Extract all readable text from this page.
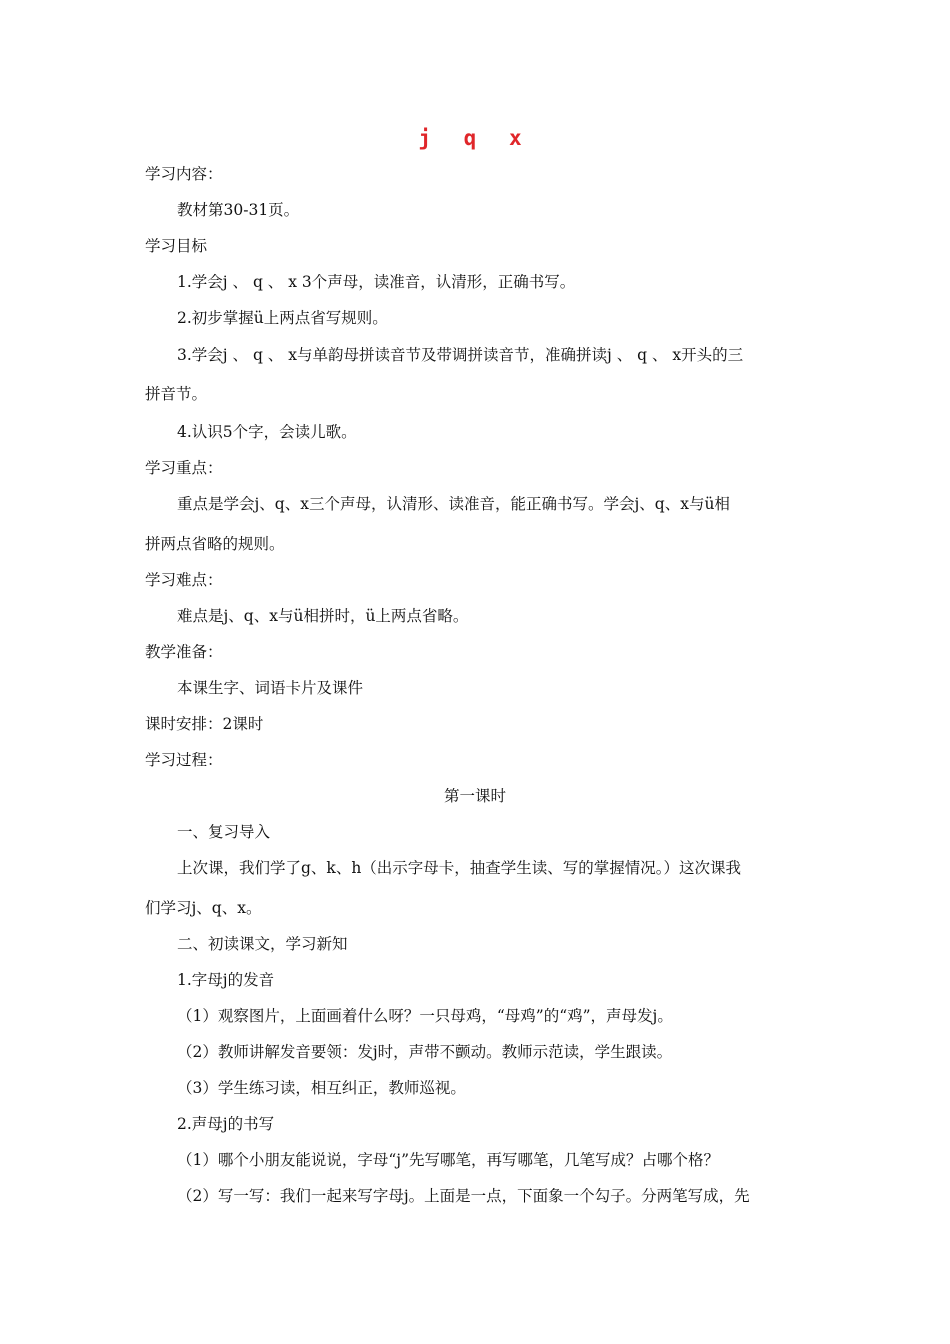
j q x
学习内容：
教材第30-31页。
学习目标
1.学会j 、 q 、 x 3个声母，读准音，认清形，正确书写。
2.初步掌握ü上两点省写规则。
3.学会j 、 q 、 x与单韵母拼读音节及带调拼读音节，准确拼读j 、 q 、 x开头的三
拼音节。
4.认识5个字，会读儿歌。
学习重点：
重点是学会j、q、x三个声母，认清形、读准音，能正确书写。学会j、q、x与ü相
拼两点省略的规则。
学习难点：
难点是j、q、x与ü相拼时，ü上两点省略。
教学准备：
本课生字、词语卡片及课件
课时安排：2课时
学习过程：
第一课时
一、复习导入
上次课，我们学了g、k、h（出示字母卡，抽查学生读、写的掌握情况。）这次课我
们学习j、q、x。
二、初读课文，学习新知
1.字母j的发音
（1）观察图片，上面画着什么呀？一只母鸡，“母鸡”的“鸡”，声母发j。
（2）教师讲解发音要领：发j时，声带不颤动。教师示范读，学生跟读。
（3）学生练习读，相互纠正，教师巡视。
2.声母j的书写
（1）哪个小朋友能说说，字母“j”先写哪笔，再写哪笔，几笔写成？占哪个格？
（2）写一写：我们一起来写字母j。上面是一点，下面象一个勾子。分两笔写成，先
